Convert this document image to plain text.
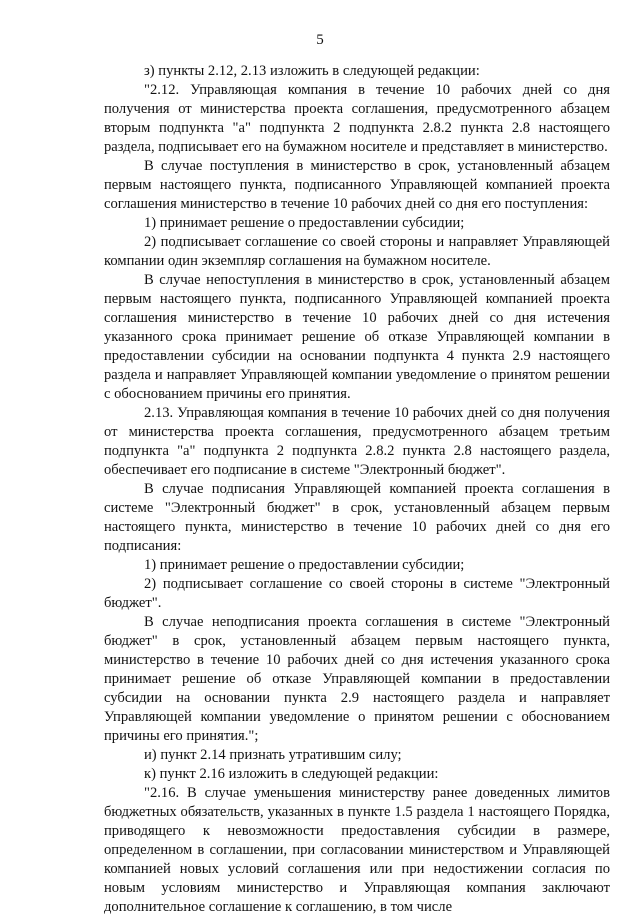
5

з) пункты 2.12, 2.13 изложить в следующей редакции:

"2.12. Управляющая компания в течение 10 рабочих дней со дня получения от министерства проекта соглашения, предусмотренного абзацем вторым подпункта "а" подпункта 2 подпункта 2.8.2 пункта 2.8 настоящего раздела, подписывает его на бумажном носителе и представляет в министерство.

В случае поступления в министерство в срок, установленный абзацем первым настоящего пункта, подписанного Управляющей компанией проекта соглашения министерство в течение 10 рабочих дней со дня его поступления:

1) принимает решение о предоставлении субсидии;

2) подписывает соглашение со своей стороны и направляет Управляющей компании один экземпляр соглашения на бумажном носителе.

В случае непоступления в министерство в срок, установленный абзацем первым настоящего пункта, подписанного Управляющей компанией проекта соглашения министерство в течение 10 рабочих дней со дня истечения указанного срока принимает решение об отказе Управляющей компании в предоставлении субсидии на основании подпункта 4 пункта 2.9 настоящего раздела и направляет Управляющей компании уведомление о принятом решении с обоснованием причины его принятия.

2.13. Управляющая компания в течение 10 рабочих дней со дня получения от министерства проекта соглашения, предусмотренного абзацем третьим подпункта "а" подпункта 2 подпункта 2.8.2 пункта 2.8 настоящего раздела, обеспечивает его подписание в системе "Электронный бюджет".

В случае подписания Управляющей компанией проекта соглашения в системе "Электронный бюджет" в срок, установленный абзацем первым настоящего пункта, министерство в течение 10 рабочих дней со дня его подписания:

1) принимает решение о предоставлении субсидии;

2) подписывает соглашение со своей стороны в системе "Электронный бюджет".

В случае неподписания проекта соглашения в системе "Электронный бюджет" в срок, установленный абзацем первым настоящего пункта, министерство в течение 10 рабочих дней со дня истечения указанного срока принимает решение об отказе Управляющей компании в предоставлении субсидии на основании пункта 2.9 настоящего раздела и направляет Управляющей компании уведомление о принятом решении с обоснованием причины его принятия.";

и) пункт 2.14 признать утратившим силу;

к) пункт 2.16 изложить в следующей редакции:

"2.16. В случае уменьшения министерству ранее доведенных лимитов бюджетных обязательств, указанных в пункте 1.5 раздела 1 настоящего Порядка, приводящего к невозможности предоставления субсидии в размере, определенном в соглашении, при согласовании министерством и Управляющей компанией новых условий соглашения или при недостижении согласия по новым условиям министерство и Управляющая компания заключают дополнительное соглашение к соглашению, в том числе
